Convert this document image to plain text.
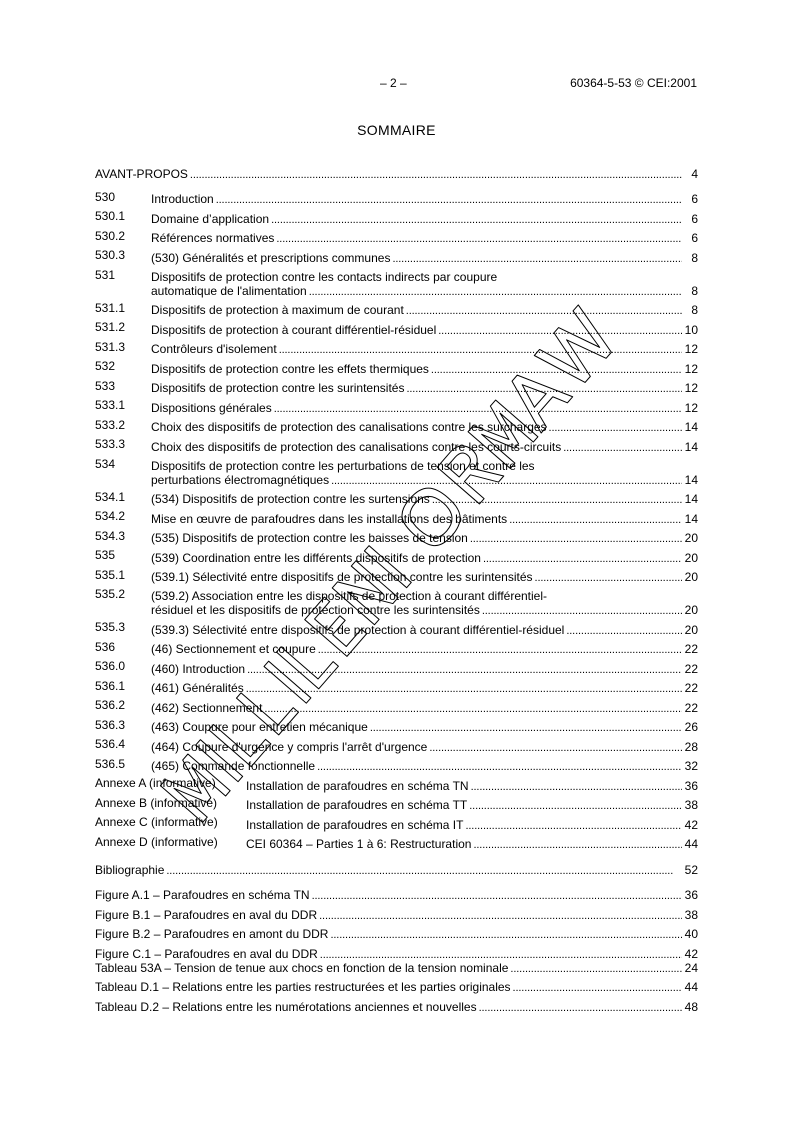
– 2 –	60364-5-53 © CEI:2001
SOMMAIRE
AVANT-PROPOS . . .	4
530	Introduction . . .	6
530.1	Domaine d’application . . .	6
530.2	Références normatives . . .	6
530.3	(530) Généralités et prescriptions communes . . .	8
531	Dispositifs de protection contre les contacts indirects par coupure
automatique de l'alimentation . . .	8
531.1	Dispositifs de protection à maximum de courant . . .	8
531.2	Dispositifs de protection à courant différentiel-résiduel . . .	10
531.3	Contrôleurs d'isolement . . .	12
532	Dispositifs de protection contre les effets thermiques . . .	12
533	Dispositifs de protection contre les surintensités . . .	12
533.1	Dispositions générales . . .	12
533.2	Choix des dispositifs de protection des canalisations contre les surcharges . . .	14
533.3	Choix des dispositifs de protection des canalisations contre les courts-circuits . . .	14
534	Dispositifs de protection contre les perturbations de tension et contre les
perturbations électromagnétiques . . .	14
534.1	(534) Dispositifs de protection contre les surtensions . . .	14
534.2	Mise en œuvre de parafoudres dans les installations des bâtiments . . .	14
534.3	(535) Dispositifs de protection contre les baisses de tension . . .	20
535	(539) Coordination entre les différents dispositifs de protection . . .	20
535.1	(539.1) Sélectivité entre dispositifs de protection contre les surintensités . . .	20
535.2	(539.2) Association entre les dispositifs de protection à courant différentiel-
résiduel et les dispositifs de protection contre les surintensités . . .	20
535.3	(539.3) Sélectivité entre dispositifs de protection à courant différentiel-résiduel . . .	20
536	(46) Sectionnement et coupure . . .	22
536.0	(460) Introduction . . .	22
536.1	(461) Généralités . . .	22
536.2	(462) Sectionnement . . .	22
536.3	(463) Coupure pour entretien mécanique . . .	26
536.4	(464) Coupure d'urgence y compris l'arrêt d'urgence . . .	28
536.5	(465) Commande fonctionnelle . . .	32
Annexe A (informative)	Installation de parafoudres en schéma TN . . .	36
Annexe B (informative)	Installation de parafoudres en schéma TT . . .	38
Annexe C (informative)	Installation de parafoudres en schéma IT . . .	42
Annexe D (informative)	CEI 60364 – Parties 1 à 6: Restructuration . . .	44
Bibliographie . . .	52
Figure A.1 – Parafoudres en schéma TN . . .	36
Figure B.1 – Parafoudres en aval du DDR . . .	38
Figure B.2 – Parafoudres en amont du DDR . . .	40
Figure C.1 – Parafoudres en aval du DDR . . .	42
Tableau 53A – Tension de tenue aux chocs en fonction de la tension nominale . . .	24
Tableau D.1 – Relations entre les parties restructurées et les parties originales . . .	44
Tableau D.2 – Relations entre les numérotations anciennes et nouvelles . . .	48
